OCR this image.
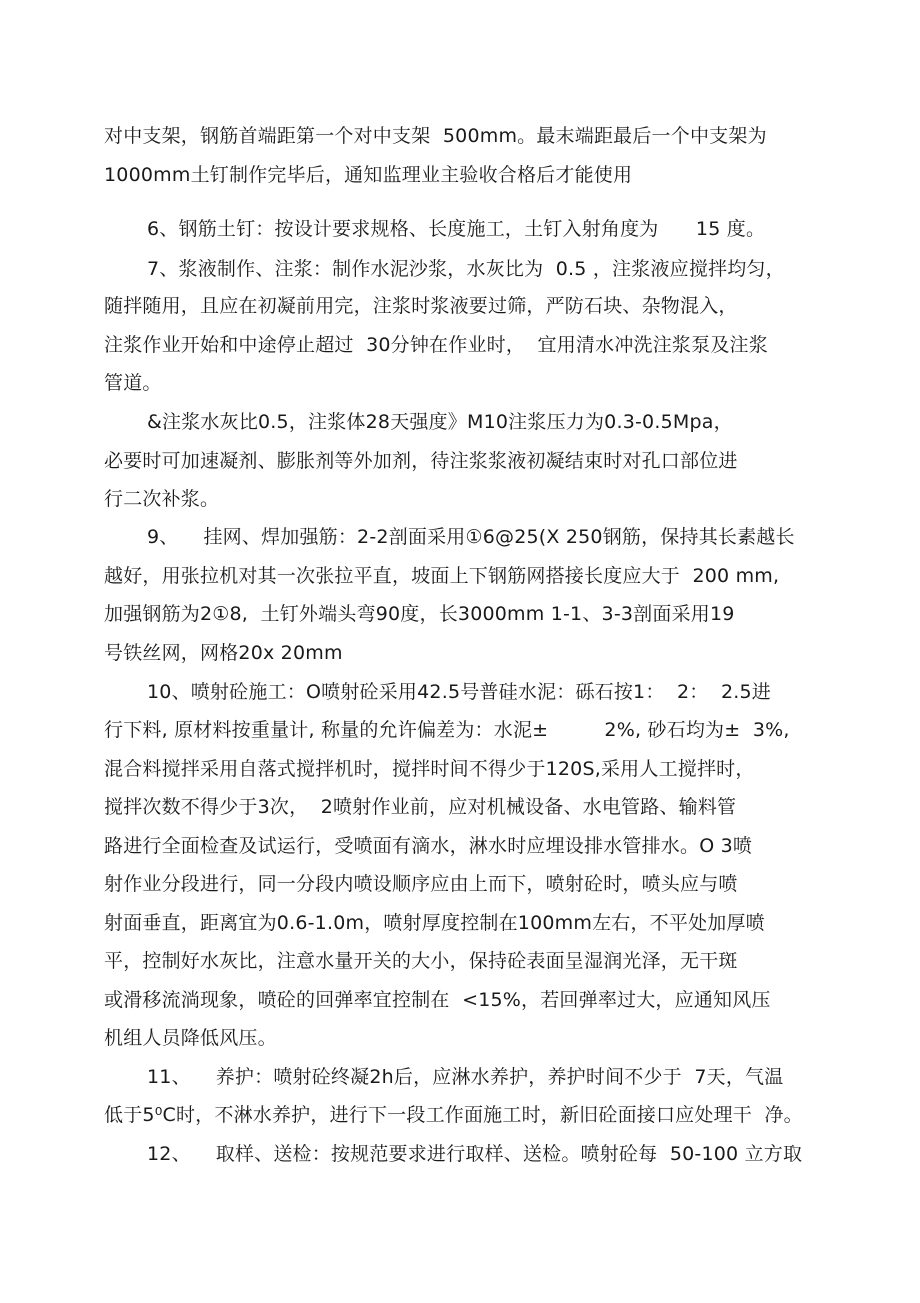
对中支架，钢筋首端距第一个对中支架  500mm。最末端距最后一个中支架为
1000mm土钉制作完毕后，通知监理业主验收合格后才能使用
6、钢筋土钉：按设计要求规格、长度施工，土钉入射角度为      15 度。
7、浆液制作、注浆：制作水泥沙浆，水灰比为  0.5 ，注浆液应搅拌均匀，
随拌随用，且应在初凝前用完，注浆时浆液要过筛，严防石块、杂物混入，
注浆作业开始和中途停止超过  30分钟在作业时，  宜用清水冲洗注浆泵及注浆
管道。
&注浆水灰比0.5，注浆体28天强度》M10注浆压力为0.3-0.5Mpa，
必要时可加速凝剂、膨胀剂等外加剂，待注浆浆液初凝结束时对孔口部位进
行二次补浆。
9、    挂网、焊加强筋：2-2剖面采用①6@25(X 250钢筋，保持其长素越长
越好，用张拉机对其一次张拉平直，坡面上下钢筋网搭接长度应大于  200 mm,
加强钢筋为2①8,  土钉外端头弯90度，长3000mm 1-1、3-3剖面采用19
号铁丝网，网格20x 20mm
10、喷射砼施工：O喷射砼采用42.5号普硅水泥：砾石按1：  2：  2.5进
行下料, 原材料按重量计, 称量的允许偏差为：水泥±         2%, 砂石均为±  3%,
混合料搅拌采用自落式搅拌机时，搅拌时间不得少于120S,采用人工搅拌时，
搅拌次数不得少于3次，  2喷射作业前，应对机械设备、水电管路、输料管
路进行全面检查及试运行，受喷面有滴水，淋水时应埋设排水管排水。O 3喷
射作业分段进行，同一分段内喷设顺序应由上而下，喷射砼时，喷头应与喷
射面垂直，距离宜为0.6-1.0m，喷射厚度控制在100mm左右，不平处加厚喷
平，控制好水灰比，注意水量开关的大小，保持砼表面呈湿润光泽，无干斑
或滑移流淌现象，喷砼的回弹率宜控制在  <15%，若回弹率过大，应通知风压
机组人员降低风压。
11、    养护：喷射砼终凝2h后，应淋水养护，养护时间不少于  7天，气温
低于5⁰C时，不淋水养护，进行下一段工作面施工时，新旧砼面接口应处理干  净。
12、    取样、送检：按规范要求进行取样、送检。喷射砼每  50-100 立方取
